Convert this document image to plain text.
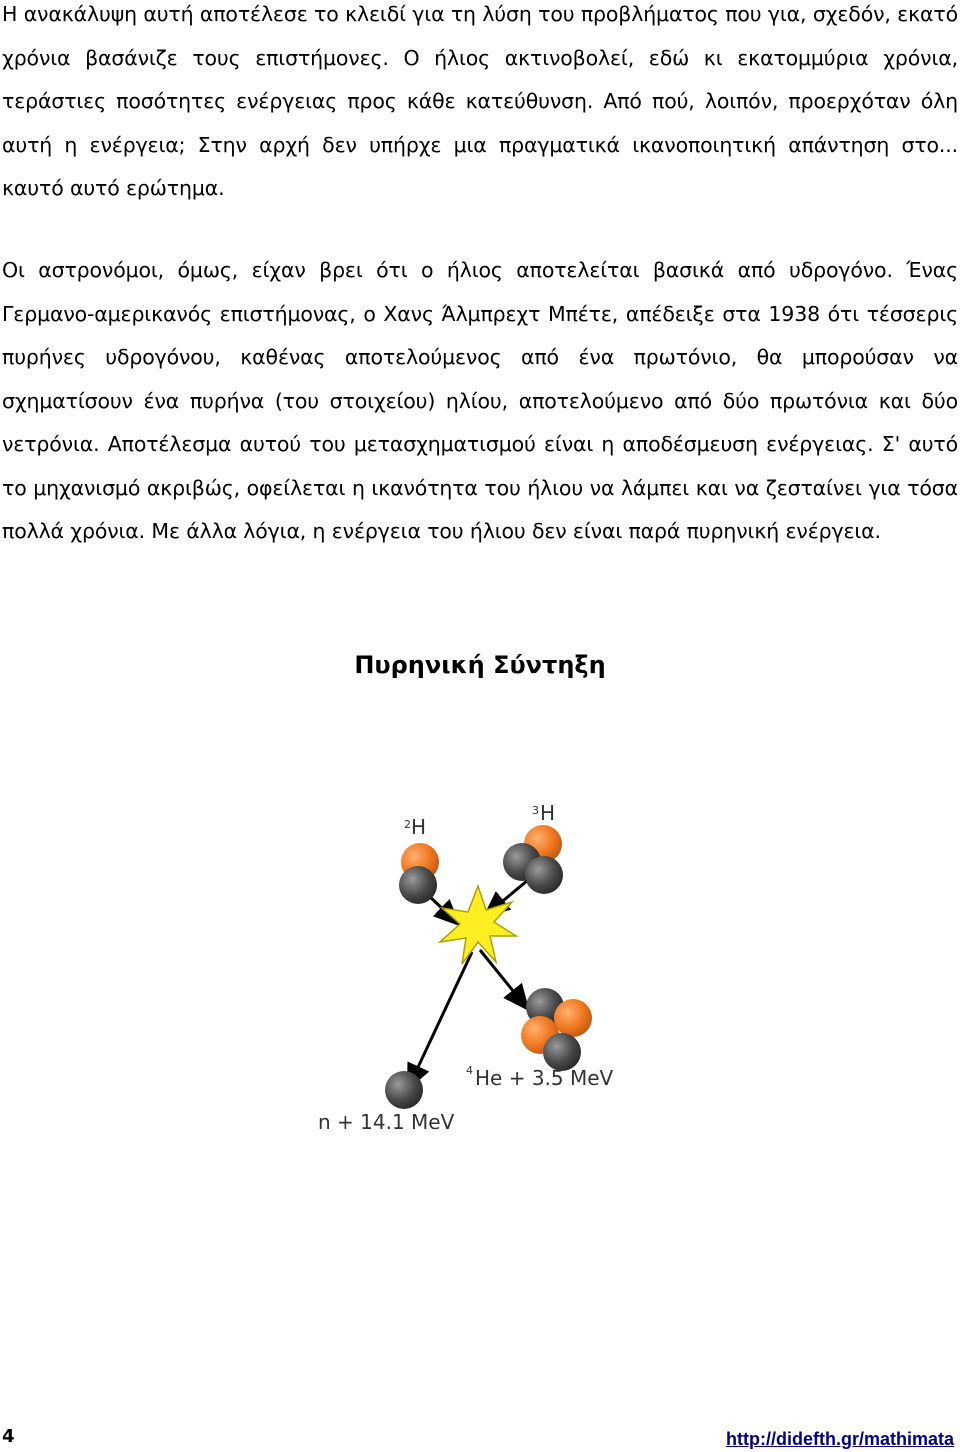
Η ανακάλυψη αυτή αποτέλεσε το κλειδί για τη λύση του προβλήματος που για, σχεδόν, εκατό χρόνια βασάνιζε τους επιστήμονες. Ο ήλιος ακτινοβολεί, εδώ κι εκατομμύρια χρόνια, τεράστιες ποσότητες ενέργειας προς κάθε κατεύθυνση. Από πού, λοιπόν, προερχόταν όλη αυτή η ενέργεια; Στην αρχή δεν υπήρχε μια πραγματικά ικανοποιητική απάντηση στο... καυτό αυτό ερώτημα.

Οι αστρονόμοι, όμως, είχαν βρει ότι ο ήλιος αποτελείται βασικά από υδρογόνο. Ένας Γερμανο-αμερικανός επιστήμονας, ο Χανς Άλμπρεχτ Μπέτε, απέδειξε στα 1938 ότι τέσσερις πυρήνες υδρογόνου, καθένας αποτελούμενος από ένα πρωτόνιο, θα μπορούσαν να σχηματίσουν ένα πυρήνα (του στοιχείου) ηλίου, αποτελούμενο από δύο πρωτόνια και δύο νετρόνια. Αποτέλεσμα αυτού του μετασχηματισμού είναι η αποδέσμευση ενέργειας. Σ' αυτό το μηχανισμό ακριβώς, οφείλεται η ικανότητα του ήλιου να λάμπει και να ζεσταίνει για τόσα πολλά χρόνια. Με άλλα λόγια, η ενέργεια του ήλιου δεν είναι παρά πυρηνική ενέργεια.

Πυρηνική Σύντηξη
2 H
3 H
4 He + 3.5 MeV
n + 14.1 MeV
4	http://didefth.gr/mathimata
